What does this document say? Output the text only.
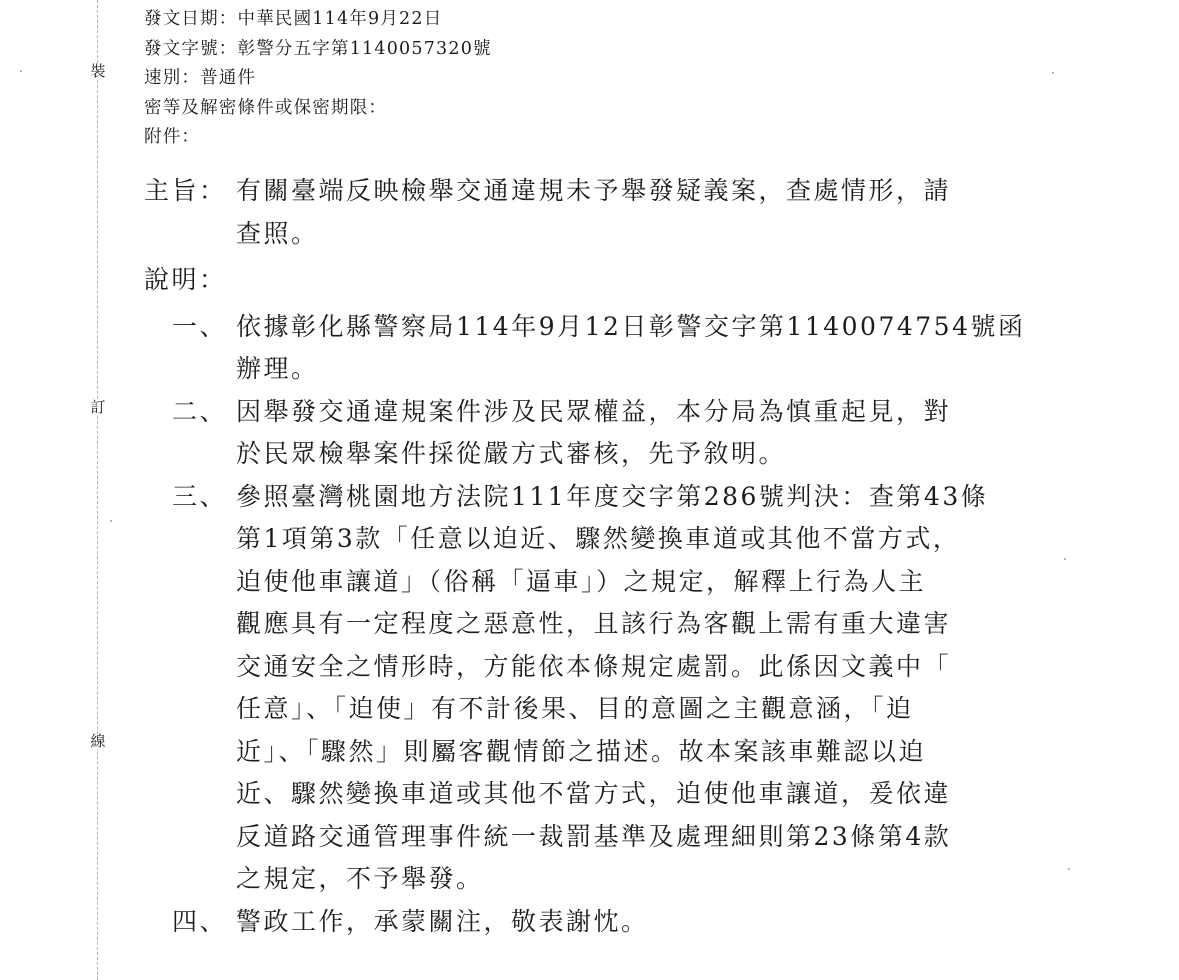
裝
訂
線
發文日期：中華民國114年9月22日
發文字號：彰警分五字第1140057320號
速別：普通件
密等及解密條件或保密期限：
附件：
主旨： 有關臺端反映檢舉交通違規未予舉發疑義案，查處情形，請
查照。
說明：
一、 依據彰化縣警察局114年9月12日彰警交字第1140074754號函
辦理。
二、 因舉發交通違規案件涉及民眾權益，本分局為慎重起見，對
於民眾檢舉案件採從嚴方式審核，先予敘明。
三、 參照臺灣桃園地方法院111年度交字第286號判決：查第43條
第1項第3款「任意以迫近、驟然變換車道或其他不當方式，
迫使他車讓道」（俗稱「逼車」）之規定，解釋上行為人主
觀應具有一定程度之惡意性，且該行為客觀上需有重大違害
交通安全之情形時，方能依本條規定處罰。此係因文義中「
任意」、「迫使」有不計後果、目的意圖之主觀意涵，「迫
近」、「驟然」則屬客觀情節之描述。故本案該車難認以迫
近、驟然變換車道或其他不當方式，迫使他車讓道，爰依違
反道路交通管理事件統一裁罰基準及處理細則第23條第4款
之規定，不予舉發。
四、 警政工作，承蒙關注，敬表謝忱。
